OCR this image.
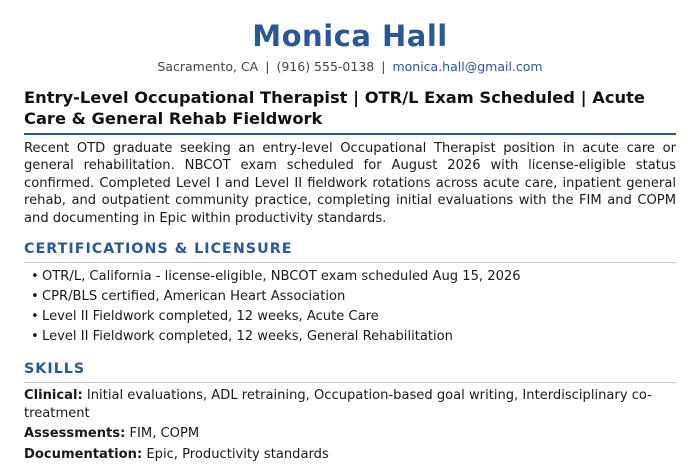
Monica Hall
Sacramento, CA | (916) 555-0138 | monica.hall@gmail.com
Entry-Level Occupational Therapist | OTR/L Exam Scheduled | Acute Care & General Rehab Fieldwork
Recent OTD graduate seeking an entry-level Occupational Therapist position in acute care or general rehabilitation. NBCOT exam scheduled for August 2026 with license-eligible status confirmed. Completed Level I and Level II fieldwork rotations across acute care, inpatient general rehab, and outpatient community practice, completing initial evaluations with the FIM and COPM and documenting in Epic within productivity standards.
CERTIFICATIONS & LICENSURE
• OTR/L, California - license-eligible, NBCOT exam scheduled Aug 15, 2026
• CPR/BLS certified, American Heart Association
• Level II Fieldwork completed, 12 weeks, Acute Care
• Level II Fieldwork completed, 12 weeks, General Rehabilitation
SKILLS
Clinical: Initial evaluations, ADL retraining, Occupation-based goal writing, Interdisciplinary co-treatment
Assessments: FIM, COPM
Documentation: Epic, Productivity standards
